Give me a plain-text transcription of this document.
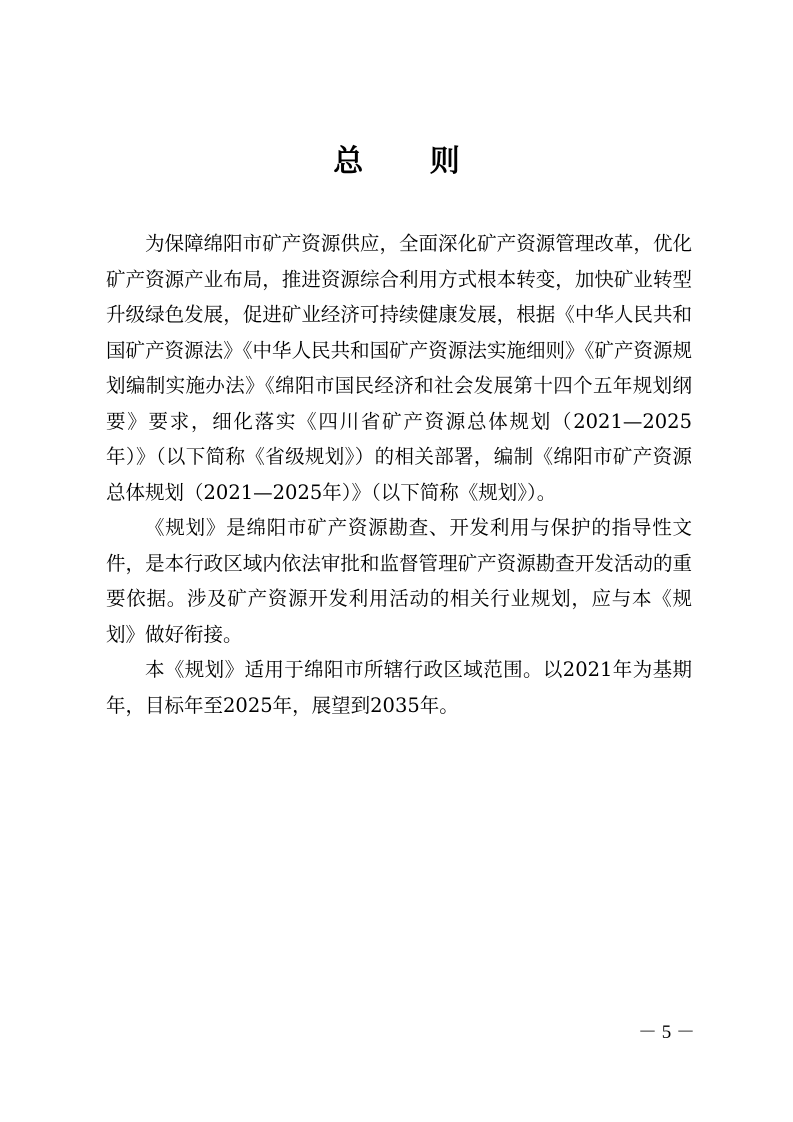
总 则

为保障绵阳市矿产资源供应，全面深化矿产资源管理改革，优化矿产资源产业布局，推进资源综合利用方式根本转变，加快矿业转型升级绿色发展，促进矿业经济可持续健康发展，根据《中华人民共和国矿产资源法》《中华人民共和国矿产资源法实施细则》《矿产资源规划编制实施办法》《绵阳市国民经济和社会发展第十四个五年规划纲要》要求，细化落实《四川省矿产资源总体规划（2021—2025年）》（以下简称《省级规划》）的相关部署，编制《绵阳市矿产资源总体规划（2021—2025年）》（以下简称《规划》）。

《规划》是绵阳市矿产资源勘查、开发利用与保护的指导性文件，是本行政区域内依法审批和监督管理矿产资源勘查开发活动的重要依据。涉及矿产资源开发利用活动的相关行业规划，应与本《规划》做好衔接。

本《规划》适用于绵阳市所辖行政区域范围。以2021年为基期年，目标年至2025年，展望到2035年。

－ 5 －
